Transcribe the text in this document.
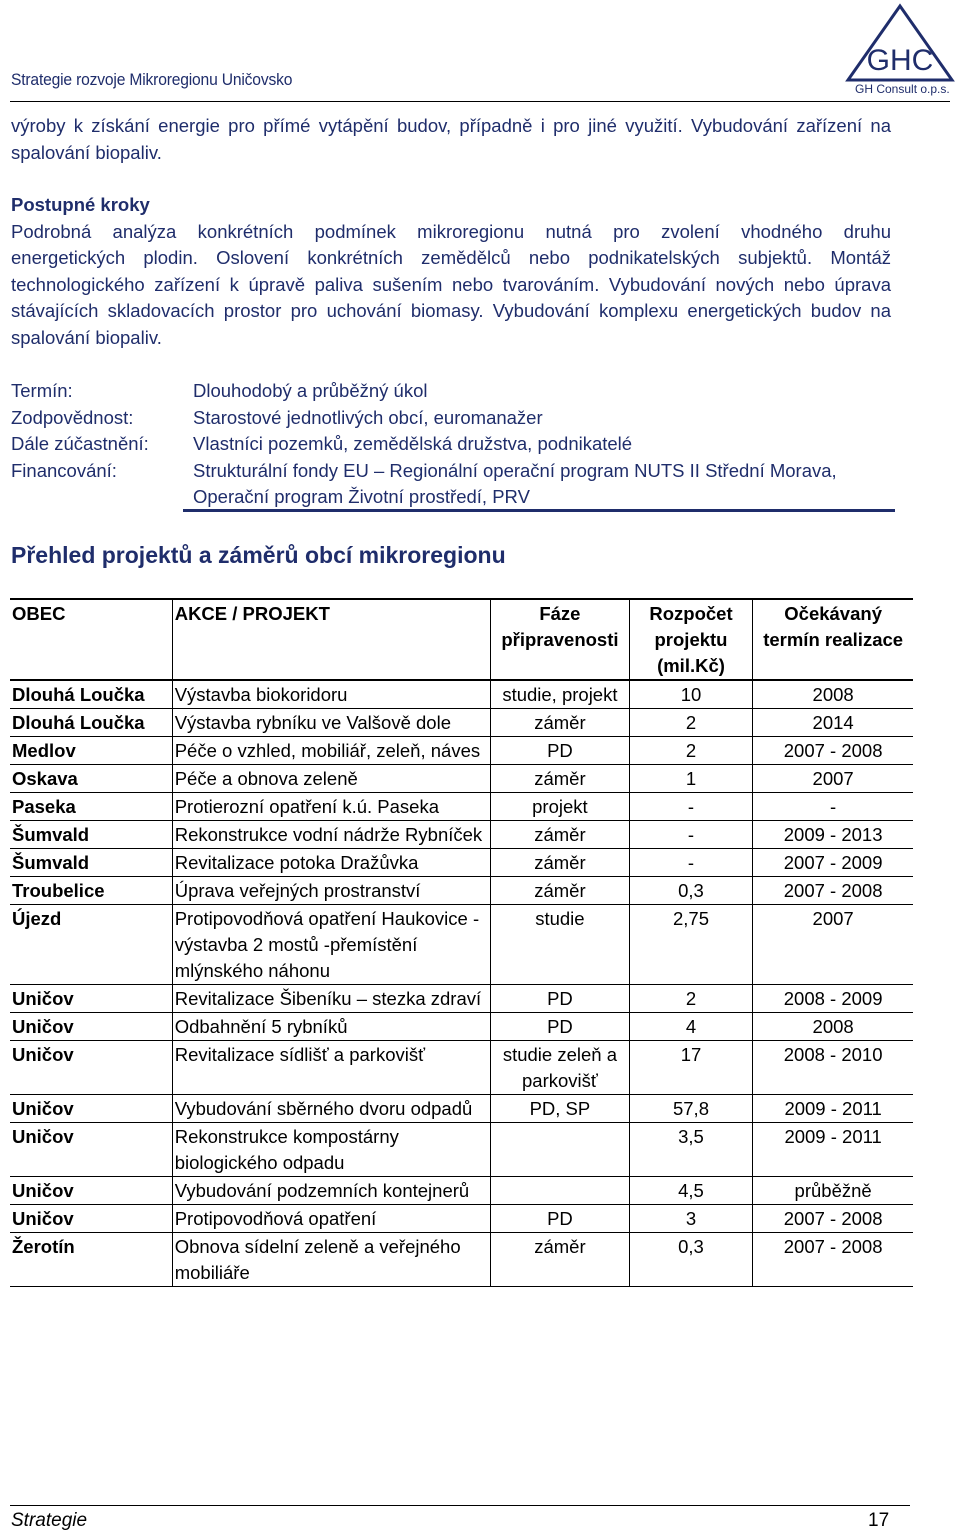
Strategie rozvoje Mikroregionu Uničovsko
GHC
GH Consult o.p.s.
výroby k získání energie pro přímé vytápění budov, případně i pro jiné využití. Vybudování zařízení na
spalování biopaliv.
Postupné kroky
Podrobná analýza konkrétních podmínek mikroregionu nutná pro zvolení vhodného druhu
energetických plodin. Oslovení konkrétních zemědělců nebo podnikatelských subjektů. Montáž
technologického zařízení k úpravě paliva sušením nebo tvarováním. Vybudování nových nebo úprava
stávajících skladovacích prostor pro uchování biomasy. Vybudování komplexu energetických budov na
spalování biopaliv.
Termín:	Dlouhodobý a průběžný úkol
Zodpovědnost:	Starostové jednotlivých obcí, euromanažer
Dále zúčastnění:	Vlastníci pozemků, zemědělská družstva, podnikatelé
Financování:	Strukturální fondy EU – Regionální operační program NUTS II Střední Morava,
Operační program Životní prostředí, PRV
Přehled projektů a záměrů obcí mikroregionu
OBEC	AKCE / PROJEKT	Fáze připravenosti	Rozpočet projektu (mil.Kč)	Očekávaný termín realizace
Dlouhá Loučka	Výstavba biokoridoru	studie, projekt	10	2008
Dlouhá Loučka	Výstavba rybníku ve Valšově dole	záměr	2	2014
Medlov	Péče o vzhled, mobiliář, zeleň, náves	PD	2	2007 - 2008
Oskava	Péče a obnova zeleně	záměr	1	2007
Paseka	Protierozní opatření k.ú. Paseka	projekt	-	-
Šumvald	Rekonstrukce vodní nádrže Rybníček	záměr	-	2009 - 2013
Šumvald	Revitalizace potoka Dražůvka	záměr	-	2007 - 2009
Troubelice	Úprava veřejných prostranství	záměr	0,3	2007 - 2008
Újezd	Protipovodňová opatření Haukovice -výstavba 2 mostů -přemístění mlýnského náhonu	studie	2,75	2007
Uničov	Revitalizace Šibeníku – stezka zdraví	PD	2	2008 - 2009
Uničov	Odbahnění 5 rybníků	PD	4	2008
Uničov	Revitalizace sídlišť a parkovišť	studie zeleň a parkovišť	17	2008 - 2010
Uničov	Vybudování sběrného dvoru odpadů	PD, SP	57,8	2009 - 2011
Uničov	Rekonstrukce kompostárny biologického odpadu		3,5	2009 - 2011
Uničov	Vybudování podzemních kontejnerů		4,5	průběžně
Uničov	Protipovodňová opatření	PD	3	2007 - 2008
Žerotín	Obnova sídelní zeleně a veřejného mobiliáře	záměr	0,3	2007 - 2008
Strategie	17
